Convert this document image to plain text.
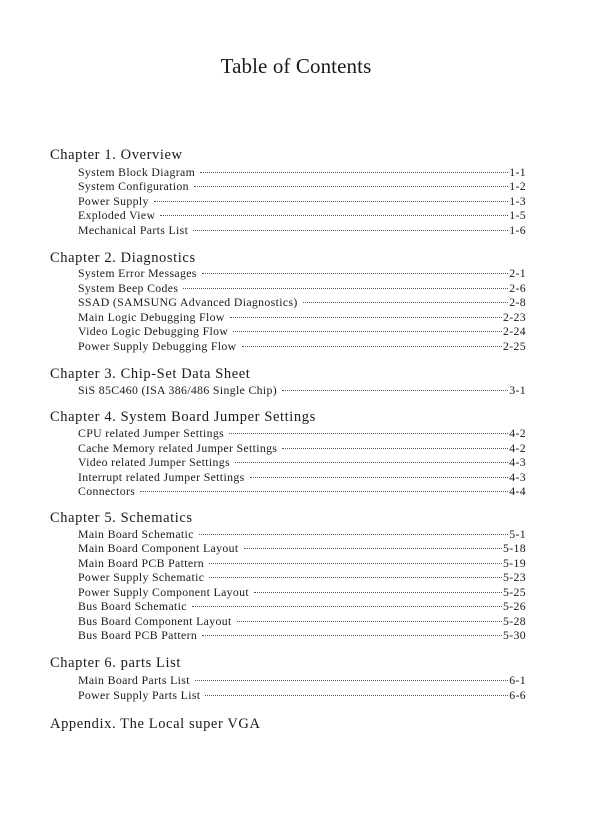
Table of Contents
Chapter 1. Overview
System Block Diagram	1-1
System Configuration	1-2
Power Supply	1-3
Exploded View	1-5
Mechanical Parts List	1-6
Chapter 2. Diagnostics
System Error Messages	2-1
System Beep Codes	2-6
SSAD (SAMSUNG Advanced Diagnostics)	2-8
Main Logic Debugging Flow	2-23
Video Logic Debugging Flow	2-24
Power Supply Debugging Flow	2-25
Chapter 3. Chip-Set Data Sheet
SiS 85C460 (ISA 386/486 Single Chip)	3-1
Chapter 4. System Board Jumper Settings
CPU related Jumper Settings	4-2
Cache Memory related Jumper Settings	4-2
Video related Jumper Settings	4-3
Interrupt related Jumper Settings	4-3
Connectors	4-4
Chapter 5. Schematics
Main Board Schematic	5-1
Main Board Component Layout	5-18
Main Board PCB Pattern	5-19
Power Supply Schematic	5-23
Power Supply Component Layout	5-25
Bus Board Schematic	5-26
Bus Board Component Layout	5-28
Bus Board PCB Pattern	5-30
Chapter 6. parts List
Main Board Parts List	6-1
Power Supply Parts List	6-6
Appendix. The Local super VGA
